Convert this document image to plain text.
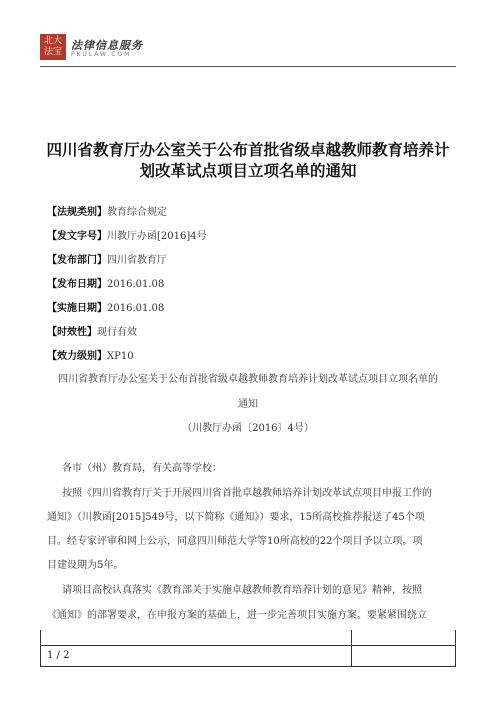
北大法宝 法律信息服务
PKULAW.COM
四川省教育厅办公室关于公布首批省级卓越教师教育培养计
划改革试点项目立项名单的通知
【法规类别】教育综合规定
【发文字号】川教厅办函[2016]4号
【发布部门】四川省教育厅
【发布日期】2016.01.08
【实施日期】2016.01.08
【时效性】现行有效
【效力级别】XP10
四川省教育厅办公室关于公布首批省级卓越教师教育培养计划改革试点项目立项名单的
通知
（川教厅办函〔2016〕4号）
各市（州）教育局，有关高等学校：
按照《四川省教育厅关于开展四川省首批卓越教师培养计划改革试点项目申报工作的
通知》（川教函[2015]549号，以下简称《通知》）要求，15所高校推荐报送了45个项
目。经专家评审和网上公示，同意四川师范大学等10所高校的22个项目予以立项。项
目建设期为5年。
请项目高校认真落实《教育部关于实施卓越教师教育培养计划的意见》精神，按照
《通知》的部署要求，在申报方案的基础上，进一步完善项目实施方案。要紧紧围绕立
1 / 2
